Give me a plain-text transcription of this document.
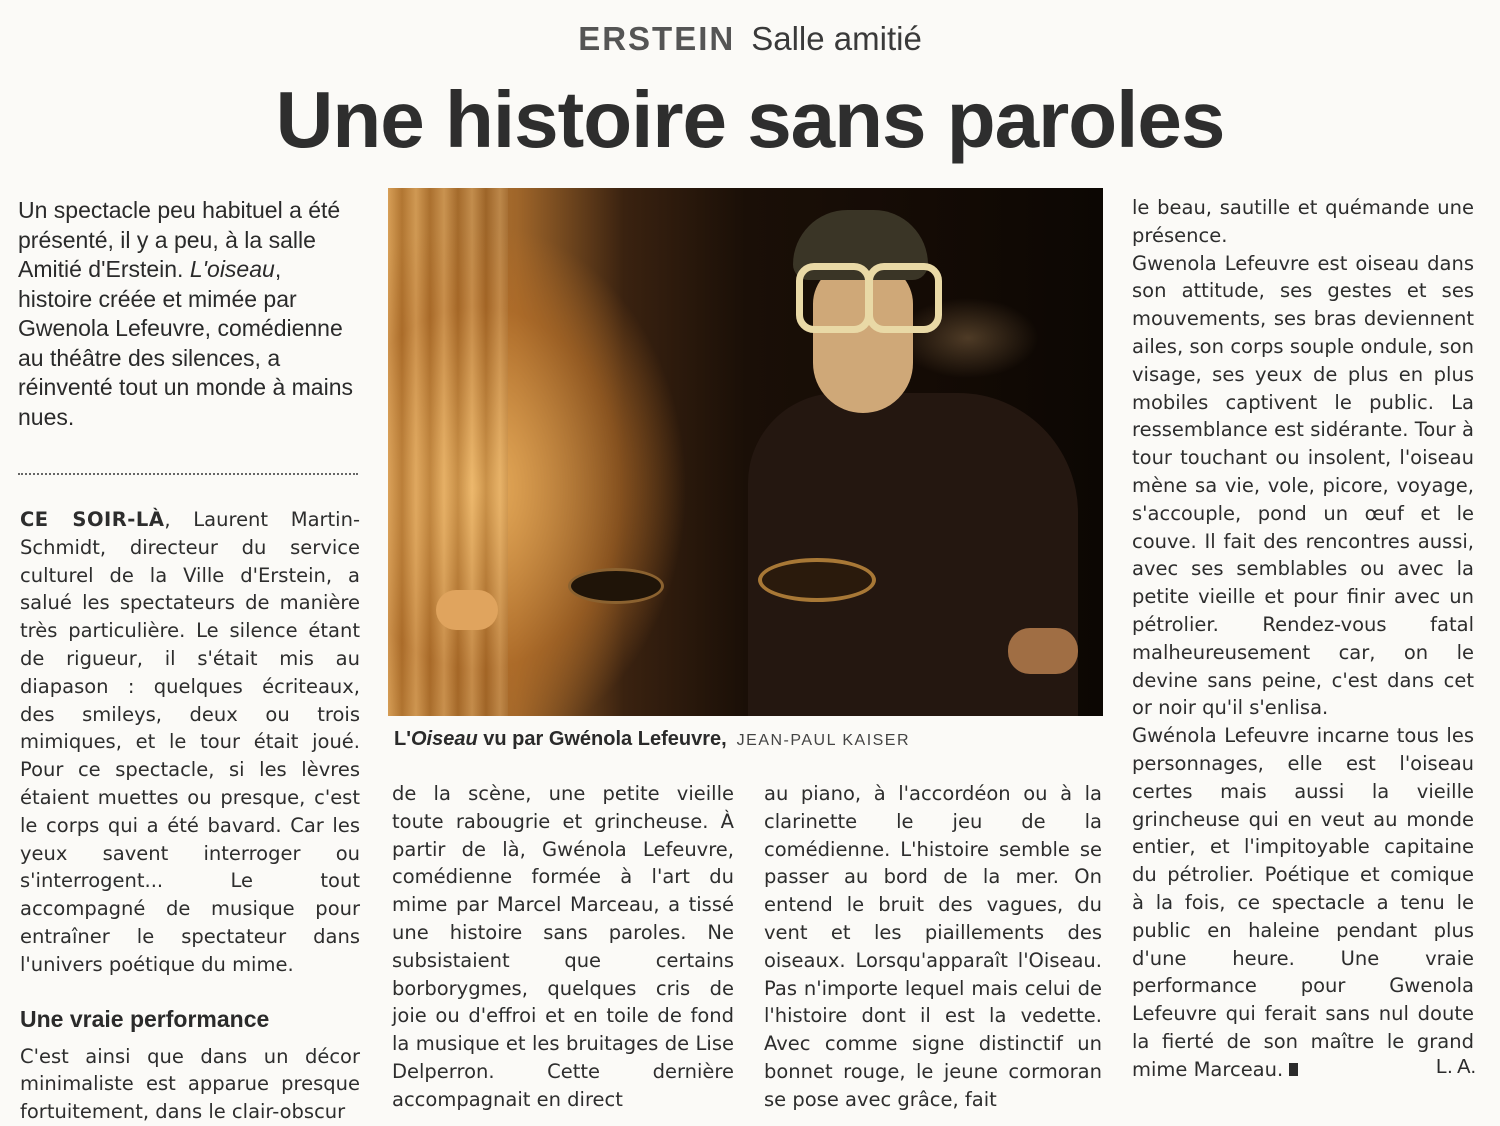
ERSTEIN Salle amitié
Une histoire sans paroles

Un spectacle peu habituel a été présenté, il y a peu, à la salle Amitié d'Erstein. L'oiseau, histoire créée et mimée par Gwenola Lefeuvre, comédienne au théâtre des silences, a réinventé tout un monde à mains nues.

CE SOIR-LÀ, Laurent Martin-Schmidt, directeur du service culturel de la Ville d'Erstein, a salué les spectateurs de manière très particulière. Le silence étant de rigueur, il s'était mis au diapason : quelques écriteaux, des smileys, deux ou trois mimiques, et le tour était joué. Pour ce spectacle, si les lèvres étaient muettes ou presque, c'est le corps qui a été bavard. Car les yeux savent interroger ou s'interrogent... Le tout accompagné de musique pour entraîner le spectateur dans l'univers poétique du mime.

Une vraie performance

C'est ainsi que dans un décor minimaliste est apparue presque fortuitement, dans le clair-obscur

L'Oiseau vu par Gwénola Lefeuvre, JEAN-PAUL KAISER

de la scène, une petite vieille toute rabougrie et grincheuse. À partir de là, Gwénola Lefeuvre, comédienne formée à l'art du mime par Marcel Marceau, a tissé une histoire sans paroles. Ne subsistaient que certains borborygmes, quelques cris de joie ou d'effroi et en toile de fond la musique et les bruitages de Lise Delperron. Cette dernière accompagnait en direct

au piano, à l'accordéon ou à la clarinette le jeu de la comédienne. L'histoire semble se passer au bord de la mer. On entend le bruit des vagues, du vent et les piaillements des oiseaux. Lorsqu'apparaît l'Oiseau. Pas n'importe lequel mais celui de l'histoire dont il est la vedette. Avec comme signe distinctif un bonnet rouge, le jeune cormoran se pose avec grâce, fait

le beau, sautille et quémande une présence.

Gwenola Lefeuvre est oiseau dans son attitude, ses gestes et ses mouvements, ses bras deviennent ailes, son corps souple ondule, son visage, ses yeux de plus en plus mobiles captivent le public. La ressemblance est sidérante. Tour à tour touchant ou insolent, l'oiseau mène sa vie, vole, picore, voyage, s'accouple, pond un œuf et le couve. Il fait des rencontres aussi, avec ses semblables ou avec la petite vieille et pour finir avec un pétrolier. Rendez-vous fatal malheureusement car, on le devine sans peine, c'est dans cet or noir qu'il s'enlisa.

Gwénola Lefeuvre incarne tous les personnages, elle est l'oiseau certes mais aussi la vieille grincheuse qui en veut au monde entier, et l'impitoyable capitaine du pétrolier. Poétique et comique à la fois, ce spectacle a tenu le public en haleine pendant plus d'une heure. Une vraie performance pour Gwenola Lefeuvre qui ferait sans nul doute la fierté de son maître le grand mime Marceau.	L. A.
